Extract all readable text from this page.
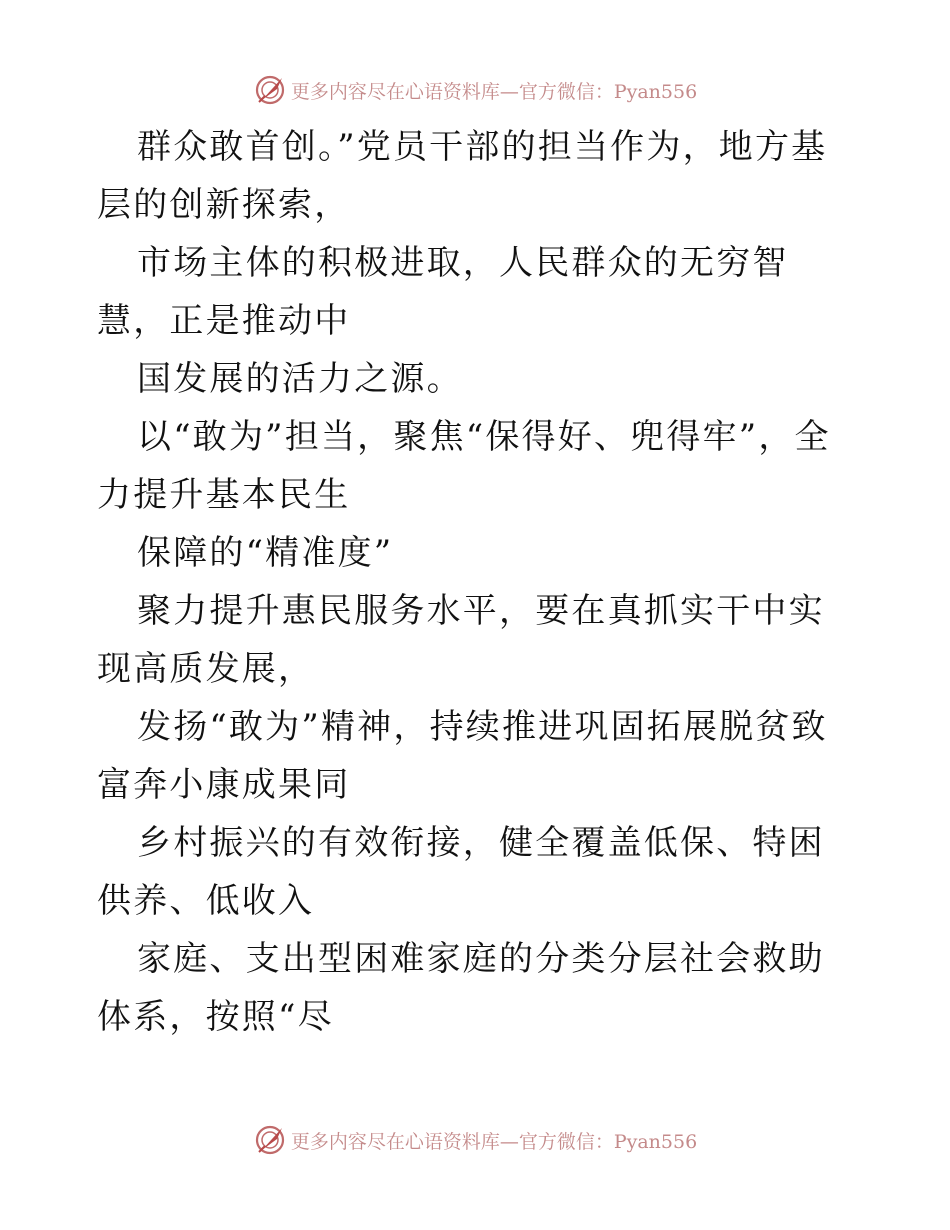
更多内容尽在心语资料库—官方微信：Pyan556

群众敢首创。”党员干部的担当作为，地方基层的创新探索，

市场主体的积极进取，人民群众的无穷智慧，正是推动中

国发展的活力之源。

以“敢为”担当，聚焦“保得好、兜得牢”，全力提升基本民生

保障的“精准度”

聚力提升惠民服务水平，要在真抓实干中实现高质发展，

发扬“敢为”精神，持续推进巩固拓展脱贫致富奔小康成果同

乡村振兴的有效衔接，健全覆盖低保、特困供养、低收入

家庭、支出型困难家庭的分类分层社会救助体系，按照“尽

更多内容尽在心语资料库—官方微信：Pyan556
